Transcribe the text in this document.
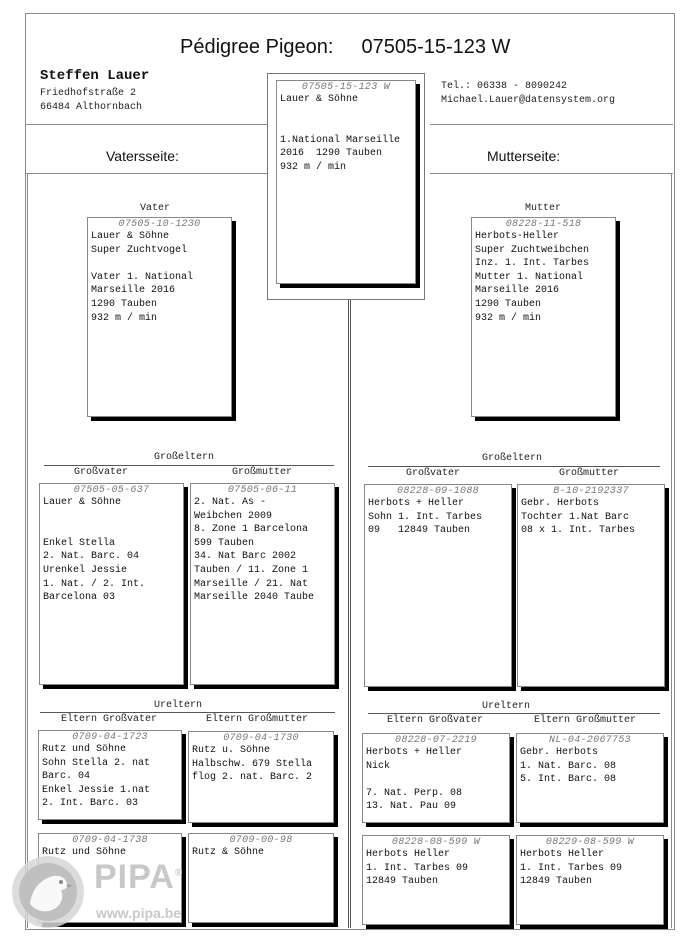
Pédigree Pigeon: 07505-15-123 W
Steffen Lauer
Friedhofstraße 2
66484 Althornbach
Tel.: 06338 - 8090242
Michael.Lauer@datensystem.org
Vatersseite:	Mutterseite:
07505-15-123 W
Lauer & Söhne
1.National Marseille
2016  1290 Tauben
932 m / min
Vater	Mutter
07505-10-1230
Lauer & Söhne
Super Zuchtvogel
Vater 1. National
Marseille 2016
1290 Tauben
932 m / min
08228-11-518
Herbots-Heller
Super Zuchtweibchen
Inz. 1. Int. Tarbes
Mutter 1. National
Marseille 2016
1290 Tauben
932 m / min
Großeltern
Großvater	Großmutter
Großeltern
Großvater	Großmutter
07505-05-637
Lauer & Söhne
Enkel Stella
2. Nat. Barc. 04
Urenkel Jessie
1. Nat. / 2. Int.
Barcelona 03
07505-06-11
2. Nat. As -
Weibchen 2009
8. Zone 1 Barcelona
599 Tauben
34. Nat Barc 2002
Tauben / 11. Zone 1
Marseille / 21. Nat
Marseille 2040 Taube
08228-09-1088
Herbots + Heller
Sohn 1. Int. Tarbes
09   12849 Tauben
B-10-2192337
Gebr. Herbots
Tochter 1.Nat Barc
08 x 1. Int. Tarbes
Ureltern
Eltern Großvater	Eltern Großmutter
Ureltern
Eltern Großvater	Eltern Großmutter
0709-04-1723
Rutz und Söhne
Sohn Stella 2. nat
Barc. 04
Enkel Jessie 1.nat
2. Int. Barc. 03
0709-04-1730
Rutz u. Söhne
Halbschw. 679 Stella
flog 2. nat. Barc. 2
08228-07-2219
Herbots + Heller
Nick
7. Nat. Perp. 08
13. Nat. Pau 09
NL-04-2067753
Gebr. Herbots
1. Nat. Barc. 08
5. Int. Barc. 08
0709-04-1738
Rutz und Söhne
0709-00-98
Rutz & Söhne
08228-08-599 W
Herbots Heller
1. Int. Tarbes 09
12849 Tauben
08229-08-599 W
Herbots Heller
1. Int. Tarbes 09
12849 Tauben
PIPA®
www.pipa.be
